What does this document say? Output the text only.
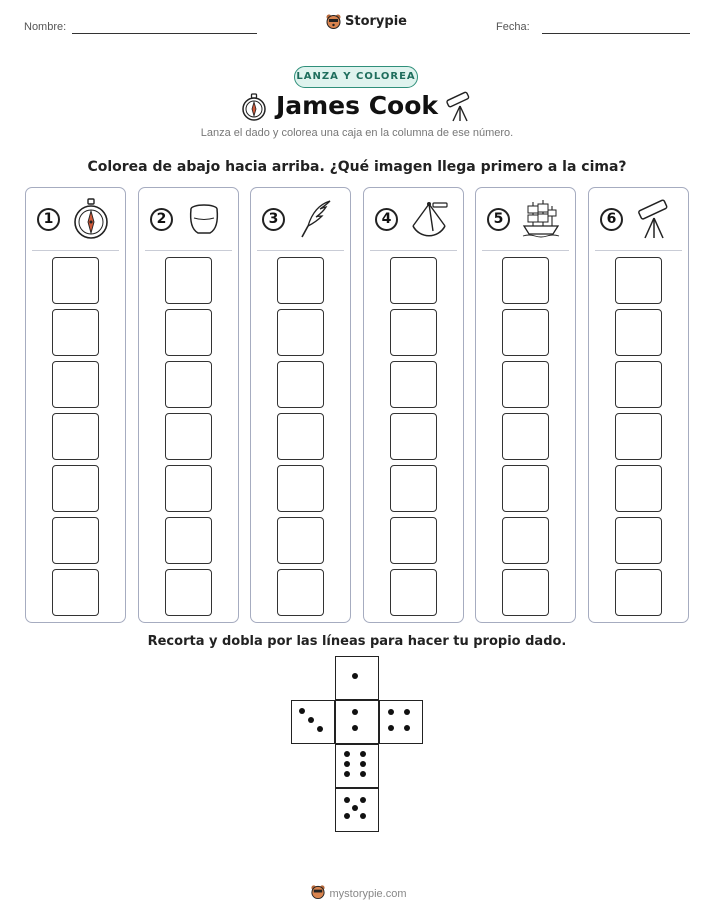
Nombre:	Storypie	Fecha:
LANZA Y COLOREA
James Cook
Lanza el dado y colorea una caja en la columna de ese número.
Colorea de abajo hacia arriba. ¿Qué imagen llega primero a la cima?
1	2	3	4	5	6
Recorta y dobla por las líneas para hacer tu propio dado.
mystorypie.com
